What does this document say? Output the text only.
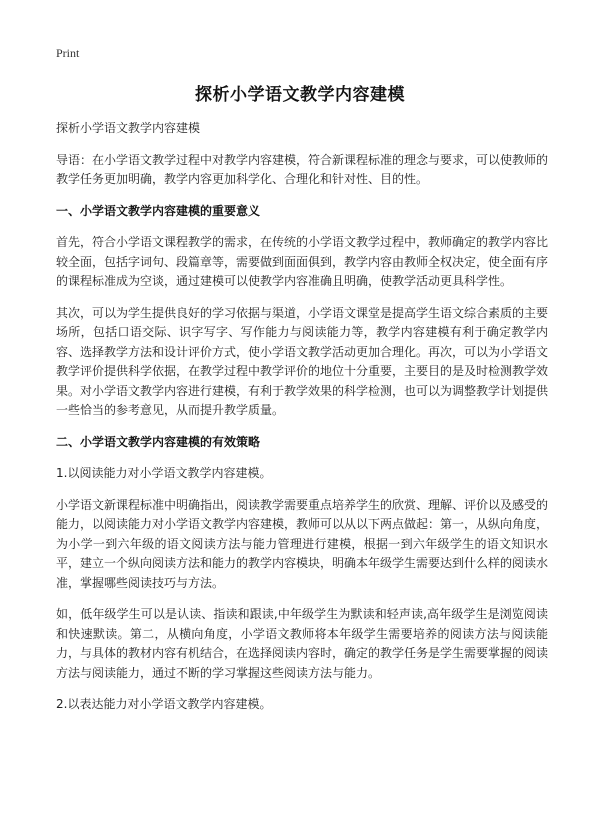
Print
探析小学语文教学内容建模

探析小学语文教学内容建模

导语：在小学语文教学过程中对教学内容建模，符合新课程标准的理念与要求，可以使教师的教学任务更加明确，教学内容更加科学化、合理化和针对性、目的性。

一、小学语文教学内容建模的重要意义

首先，符合小学语文课程教学的需求，在传统的小学语文教学过程中，教师确定的教学内容比较全面，包括字词句、段篇章等，需要做到面面俱到，教学内容由教师全权决定，使全面有序的课程标准成为空谈，通过建模可以使教学内容准确且明确，使教学活动更具科学性。

其次，可以为学生提供良好的学习依据与渠道，小学语文课堂是提高学生语文综合素质的主要场所，包括口语交际、识字写字、写作能力与阅读能力等，教学内容建模有利于确定教学内容、选择教学方法和设计评价方式，使小学语文教学活动更加合理化。再次，可以为小学语文教学评价提供科学依据，在教学过程中教学评价的地位十分重要，主要目的是及时检测教学效果。对小学语文教学内容进行建模，有利于教学效果的科学检测，也可以为调整教学计划提供一些恰当的参考意见，从而提升教学质量。

二、小学语文教学内容建模的有效策略

1.以阅读能力对小学语文教学内容建模。

小学语文新课程标准中明确指出，阅读教学需要重点培养学生的欣赏、理解、评价以及感受的能力，以阅读能力对小学语文教学内容建模，教师可以从以下两点做起：第一，从纵向角度，为小学一到六年级的语文阅读方法与能力管理进行建模，根据一到六年级学生的语文知识水平，建立一个纵向阅读方法和能力的教学内容模块，明确本年级学生需要达到什么样的阅读水准，掌握哪些阅读技巧与方法。

如，低年级学生可以是认读、指读和跟读,中年级学生为默读和轻声读,高年级学生是浏览阅读和快速默读。第二，从横向角度，小学语文教师将本年级学生需要培养的阅读方法与阅读能力，与具体的教材内容有机结合，在选择阅读内容时，确定的教学任务是学生需要掌握的阅读方法与阅读能力，通过不断的学习掌握这些阅读方法与能力。

2.以表达能力对小学语文教学内容建模。
